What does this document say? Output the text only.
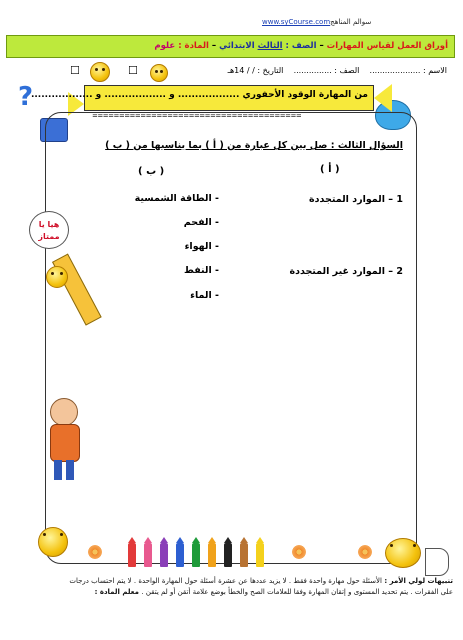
www.syCourse.comسوالم المناهج
أوراق العمل لقياس المهارات – الصف : الثالث الابتدائي – المادة : علوم
الاسم : ....................    الصف : ...............    التاريخ : / / 14هـ
☐
☐
?	من المهارة الوقود الأحفوري .................. و .................. و ..................
=======================================
السؤال الثالث : صل بين كل عبارة من ( أ ) بما يناسبها من ( ب )
( أ )
( ب )
1 – الموارد المتجددة
2 – الموارد غير المتجددة
- الطاقة الشمسية
- الفحم
- الهواء
- النفط
- الماء
هيا يا
ممتاز
تنبيهات لولي الأمر : الأسئلة حول مهارة واحدة فقط . لا يزيد عددها عن عشرة أسئلة حول المهارة الواحدة . لا يتم احتساب درجات
على الفقرات . يتم تحديد المستوى و إتقان المهارة وفقا للعلامات الصح والخطأ بوضع علامة أتقن أو لم يتقن . معلم المادة :
